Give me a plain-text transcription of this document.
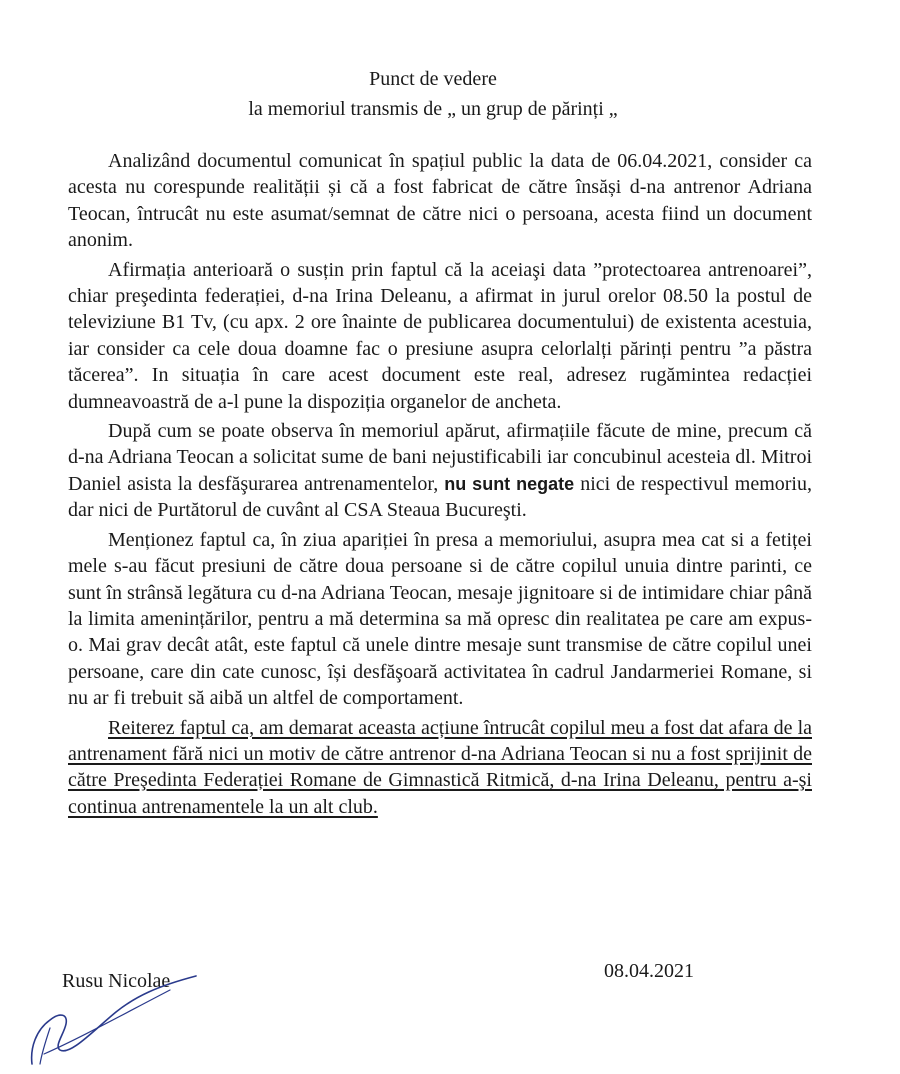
Punct de vedere
la memoriul transmis de „ un grup de părinți „

Analizând documentul comunicat în spațiul public la data de 06.04.2021, consider ca acesta nu corespunde realității și că a fost fabricat de către însăși d-na antrenor Adriana Teocan, întrucât nu este asumat/semnat de către nici o persoana, acesta fiind un document anonim.

Afirmația anterioară o susțin prin faptul că la aceiaşi data ”protectoarea antrenoarei”, chiar preşedinta federației, d-na Irina Deleanu, a afirmat in jurul orelor 08.50 la postul de televiziune B1 Tv, (cu apx. 2 ore înainte de publicarea documentului) de existenta acestuia, iar consider ca cele doua doamne fac o presiune asupra celorlalți părinți pentru ”a păstra tăcerea”. In situația în care acest document este real, adresez rugămintea redacției dumneavoastră de a-l pune la dispoziția organelor de ancheta.

După cum se poate observa în memoriul apărut, afirmațiile făcute de mine, precum că d-na Adriana Teocan a solicitat sume de bani nejustificabili iar concubinul acesteia dl. Mitroi Daniel asista la desfăşurarea antrenamentelor, nu sunt negate nici de respectivul memoriu, dar nici de Purtătorul de cuvânt al CSA Steaua Bucureşti.

Menționez faptul ca, în ziua apariției în presa a memoriului, asupra mea cat si a fetiței mele s-au făcut presiuni de către doua persoane si de către copilul unuia dintre parinti, ce sunt în strânsă legătura cu d-na Adriana Teocan, mesaje jignitoare si de intimidare chiar până la limita amenințărilor, pentru a mă determina sa mă opresc din realitatea pe care am expus-o. Mai grav decât atât, este faptul că unele dintre mesaje sunt transmise de către copilul unei persoane, care din cate cunosc, își desfăşoară activitatea în cadrul Jandarmeriei Romane, si nu ar fi trebuit să aibă un altfel de comportament.

Reiterez faptul ca, am demarat aceasta acțiune întrucât copilul meu a fost dat afara de la antrenament fără nici un motiv de către antrenor d-na Adriana Teocan si nu a fost sprijinit de către Preşedinta Federației Romane de Gimnastică Ritmică, d-na Irina Deleanu, pentru a-şi continua antrenamentele la un alt club.

Rusu Nicolae	08.04.2021
